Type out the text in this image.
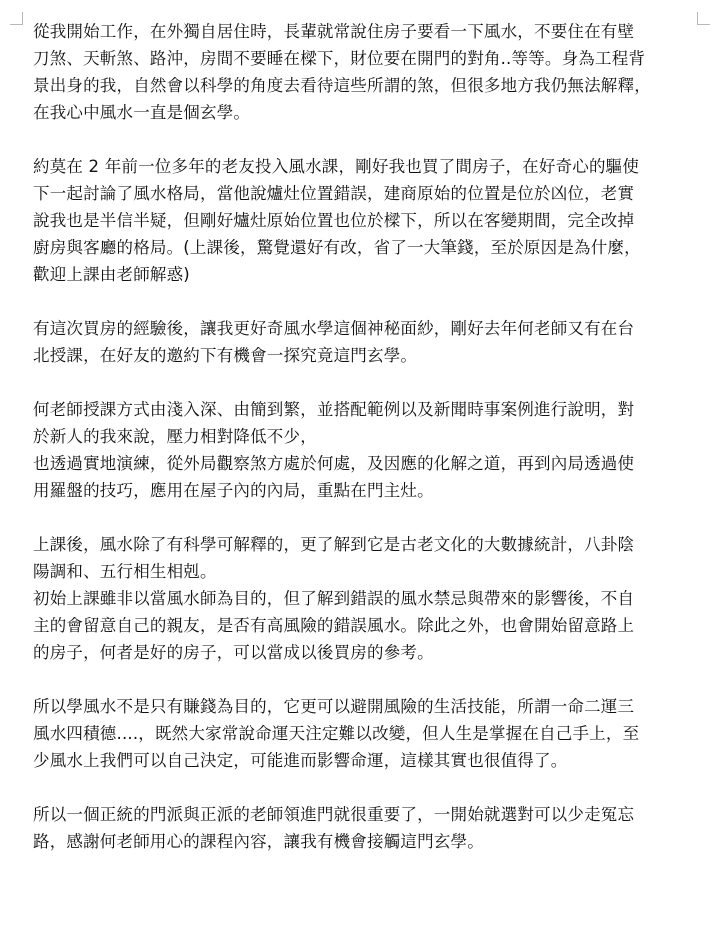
從我開始工作，在外獨自居住時，長輩就常說住房子要看一下風水，不要住在有壁
刀煞、天斬煞、路沖，房間不要睡在樑下，財位要在開門的對角..等等。身為工程背
景出身的我，自然會以科學的角度去看待這些所謂的煞，但很多地方我仍無法解釋，
在我心中風水一直是個玄學。

約莫在 2 年前一位多年的老友投入風水課，剛好我也買了間房子，在好奇心的驅使
下一起討論了風水格局，當他說爐灶位置錯誤，建商原始的位置是位於凶位，老實
說我也是半信半疑，但剛好爐灶原始位置也位於樑下，所以在客變期間，完全改掉
廚房與客廳的格局。(上課後，驚覺還好有改，省了一大筆錢，至於原因是為什麼，
歡迎上課由老師解惑)

有這次買房的經驗後，讓我更好奇風水學這個神秘面紗，剛好去年何老師又有在台
北授課，在好友的邀約下有機會一探究竟這門玄學。

何老師授課方式由淺入深、由簡到繁，並搭配範例以及新聞時事案例進行說明，對
於新人的我來說，壓力相對降低不少，
也透過實地演練，從外局觀察煞方處於何處，及因應的化解之道，再到內局透過使
用羅盤的技巧，應用在屋子內的內局，重點在門主灶。

上課後，風水除了有科學可解釋的，更了解到它是古老文化的大數據統計，八卦陰
陽調和、五行相生相剋。
初始上課雖非以當風水師為目的，但了解到錯誤的風水禁忌與帶來的影響後，不自
主的會留意自己的親友，是否有高風險的錯誤風水。除此之外，也會開始留意路上
的房子，何者是好的房子，可以當成以後買房的參考。

所以學風水不是只有賺錢為目的，它更可以避開風險的生活技能，所謂一命二運三
風水四積德....，既然大家常說命運天注定難以改變，但人生是掌握在自己手上，至
少風水上我們可以自己決定，可能進而影響命運，這樣其實也很值得了。

所以一個正統的門派與正派的老師領進門就很重要了，一開始就選對可以少走冤忘
路，感謝何老師用心的課程內容，讓我有機會接觸這門玄學。
